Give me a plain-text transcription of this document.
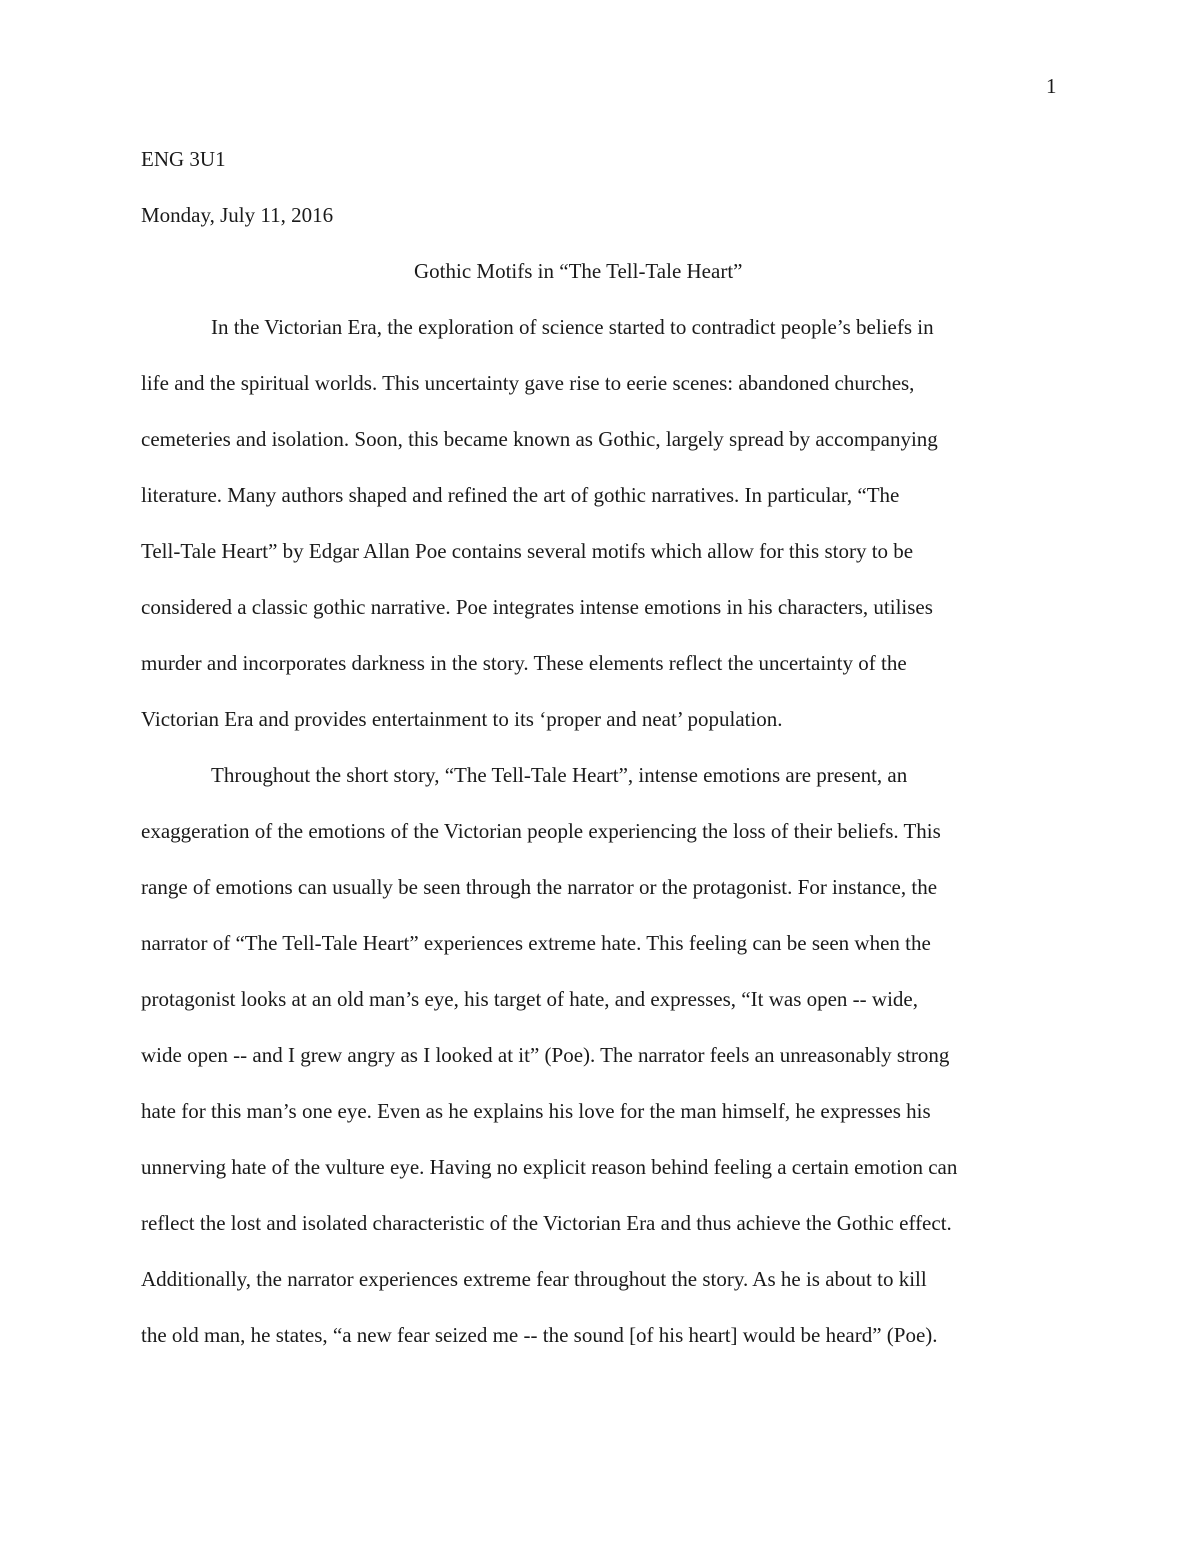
1
ENG 3U1
Monday, July 11, 2016
Gothic Motifs in “The Tell-Tale Heart”
In the Victorian Era, the exploration of science started to contradict people’s beliefs in
life and the spiritual worlds. This uncertainty gave rise to eerie scenes: abandoned churches,
cemeteries and isolation. Soon, this became known as Gothic, largely spread by accompanying
literature. Many authors shaped and refined the art of gothic narratives. In particular, “The
Tell-Tale Heart” by Edgar Allan Poe contains several motifs which allow for this story to be
considered a classic gothic narrative. Poe integrates intense emotions in his characters, utilises
murder and incorporates darkness in the story. These elements reflect the uncertainty of the
Victorian Era and provides entertainment to its ‘proper and neat’ population.
Throughout the short story, “The Tell-Tale Heart”, intense emotions are present, an
exaggeration of the emotions of the Victorian people experiencing the loss of their beliefs. This
range of emotions can usually be seen through the narrator or the protagonist. For instance, the
narrator of “The Tell-Tale Heart” experiences extreme hate. This feeling can be seen when the
protagonist looks at an old man’s eye, his target of hate, and expresses, “It was open -- wide,
wide open -- and I grew angry as I looked at it” (Poe). The narrator feels an unreasonably strong
hate for this man’s one eye. Even as he explains his love for the man himself, he expresses his
unnerving hate of the vulture eye. Having no explicit reason behind feeling a certain emotion can
reflect the lost and isolated characteristic of the Victorian Era and thus achieve the Gothic effect.
Additionally, the narrator experiences extreme fear throughout the story. As he is about to kill
the old man, he states, “a new fear seized me -- the sound [of his heart] would be heard” (Poe).
